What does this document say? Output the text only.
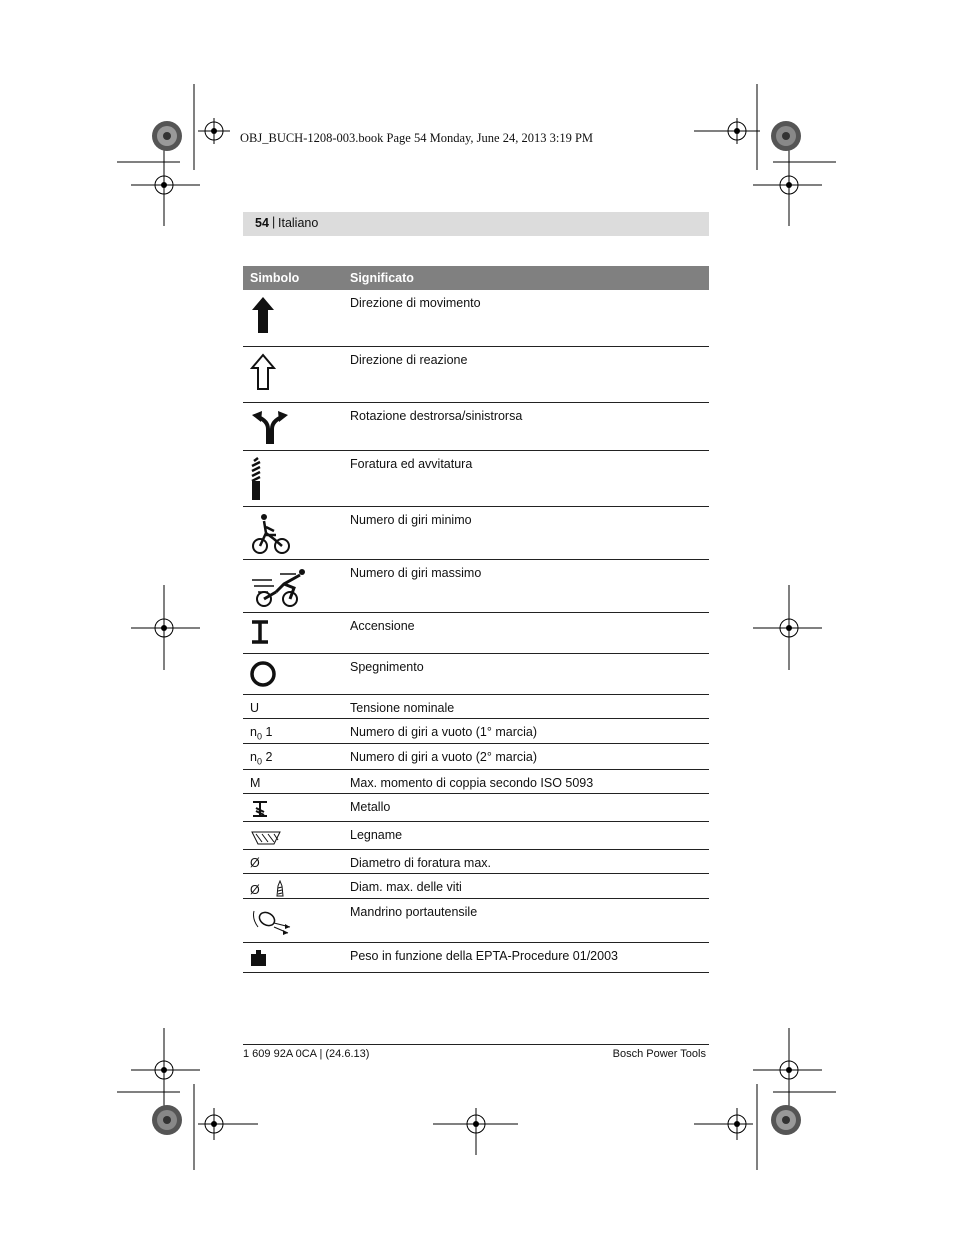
OBJ_BUCH-1208-003.book Page 54 Monday, June 24, 2013 3:19 PM
54 | Italiano
Simbolo	Significato
	Direzione di movimento
	Direzione di reazione
	Rotazione destrorsa/sinistrorsa
	Foratura ed avvitatura
	Numero di giri minimo
	Numero di giri massimo
	Accensione
	Spegnimento
U	Tensione nominale
$n_0$ 1	Numero di giri a vuoto (1° marcia)
$n_0$ 2	Numero di giri a vuoto (2° marcia)
M	Max. momento di coppia secondo ISO 5093
	Metallo
	Legname
Ø	Diametro di foratura max.
Ø	Diam. max. delle viti
	Mandrino portautensile
	Peso in funzione della EPTA-Procedure 01/2003
1 609 92A 0CA | (24.6.13)	Bosch Power Tools
